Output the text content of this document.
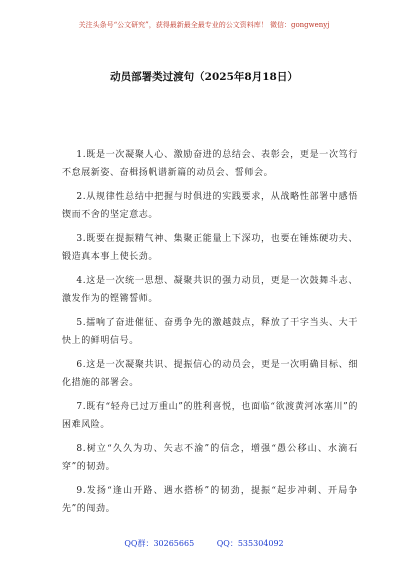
关注头条号“公文研究”，获得最新最全最专业的公文资料库！ 微信：gongwenyj
动员部署类过渡句（2025年8月18日）

1.既是一次凝聚人心、激励奋进的总结会、表彰会，更是一次笃行不怠展新姿、奋楫扬帆谱新篇的动员会、誓师会。

2.从规律性总结中把握与时俱进的实践要求，从战略性部署中感悟锲而不舍的坚定意志。

3.既要在提振精气神、集聚正能量上下深功，也要在锤炼硬功夫、锻造真本事上使长劲。

4.这是一次统一思想、凝聚共识的强力动员，更是一次鼓舞斗志、激发作为的铿锵誓师。

5.擂响了奋进催征、奋勇争先的激越鼓点，释放了干字当头、大干快上的鲜明信号。

6.这是一次凝聚共识、提振信心的动员会，更是一次明确目标、细化措施的部署会。

7.既有“轻舟已过万重山”的胜利喜悦，也面临“欲渡黄河冰塞川”的困难风险。

8.树立“久久为功、矢志不渝”的信念，增强“愚公移山、水滴石穿”的韧劲。

9.发扬“逢山开路、遇水搭桥”的韧劲，提振“起步冲刺、开局争先”的闯劲。

QQ群：30265665	QQ：535304092
